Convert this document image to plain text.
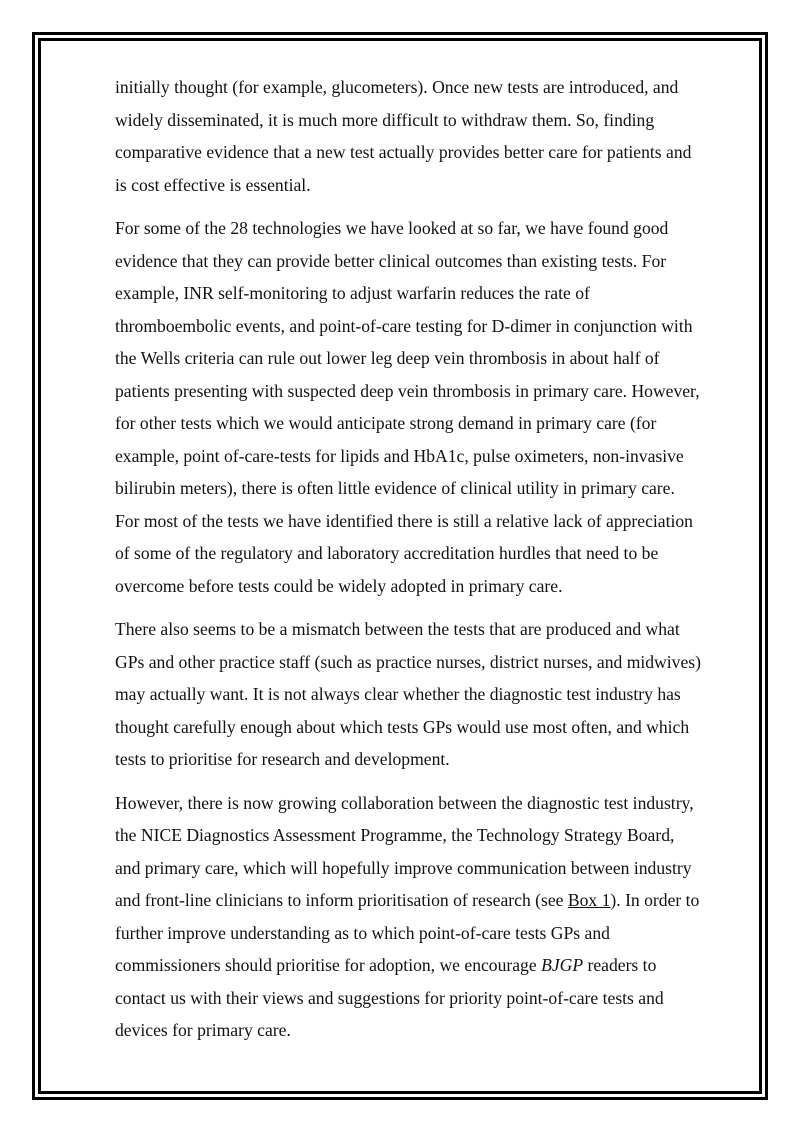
initially thought (for example, glucometers). Once new tests are introduced, and
widely disseminated, it is much more difficult to withdraw them. So, finding
comparative evidence that a new test actually provides better care for patients and
is cost effective is essential.

For some of the 28 technologies we have looked at so far, we have found good
evidence that they can provide better clinical outcomes than existing tests. For
example, INR self-monitoring to adjust warfarin reduces the rate of
thromboembolic events, and point-of-care testing for D-dimer in conjunction with
the Wells criteria can rule out lower leg deep vein thrombosis in about half of
patients presenting with suspected deep vein thrombosis in primary care. However,
for other tests which we would anticipate strong demand in primary care (for
example, point of-care-tests for lipids and HbA1c, pulse oximeters, non-invasive
bilirubin meters), there is often little evidence of clinical utility in primary care.
For most of the tests we have identified there is still a relative lack of appreciation
of some of the regulatory and laboratory accreditation hurdles that need to be
overcome before tests could be widely adopted in primary care.

There also seems to be a mismatch between the tests that are produced and what
GPs and other practice staff (such as practice nurses, district nurses, and midwives)
may actually want. It is not always clear whether the diagnostic test industry has
thought carefully enough about which tests GPs would use most often, and which
tests to prioritise for research and development.

However, there is now growing collaboration between the diagnostic test industry,
the NICE Diagnostics Assessment Programme, the Technology Strategy Board,
and primary care, which will hopefully improve communication between industry
and front-line clinicians to inform prioritisation of research (see Box 1). In order to
further improve understanding as to which point-of-care tests GPs and
commissioners should prioritise for adoption, we encourage BJGP readers to
contact us with their views and suggestions for priority point-of-care tests and
devices for primary care.
